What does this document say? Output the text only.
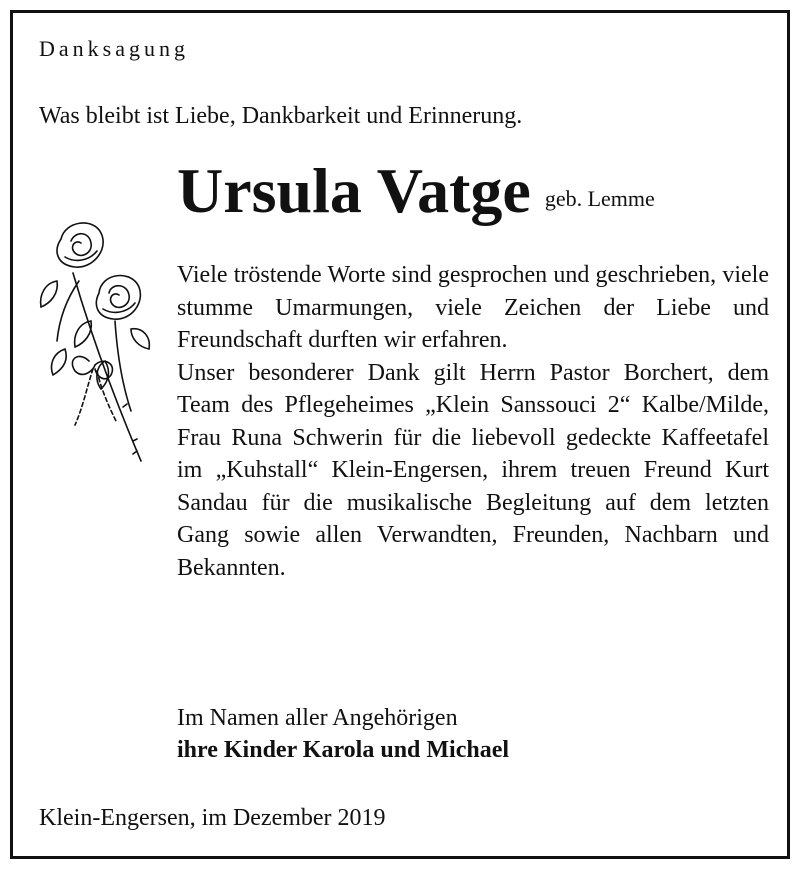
Danksagung
Was bleibt ist Liebe, Dankbarkeit und Erinnerung.
Ursula Vatge geb. Lemme

Viele tröstende Worte sind gesprochen und geschrieben, viele stumme Umarmungen, viele Zeichen der Liebe und Freundschaft durften wir erfahren.

Unser besonderer Dank gilt Herrn Pastor Borchert, dem Team des Pflegeheimes „Klein Sanssouci 2“ Kalbe/Milde, Frau Runa Schwerin für die liebevoll gedeckte Kaffeetafel im „Kuhstall“ Klein-Engersen, ihrem treuen Freund Kurt Sandau für die musikalische Begleitung auf dem letzten Gang sowie allen Verwandten, Freunden, Nachbarn und Bekannten.

Im Namen aller Angehörigen
ihre Kinder Karola und Michael
Klein-Engersen, im Dezember 2019
